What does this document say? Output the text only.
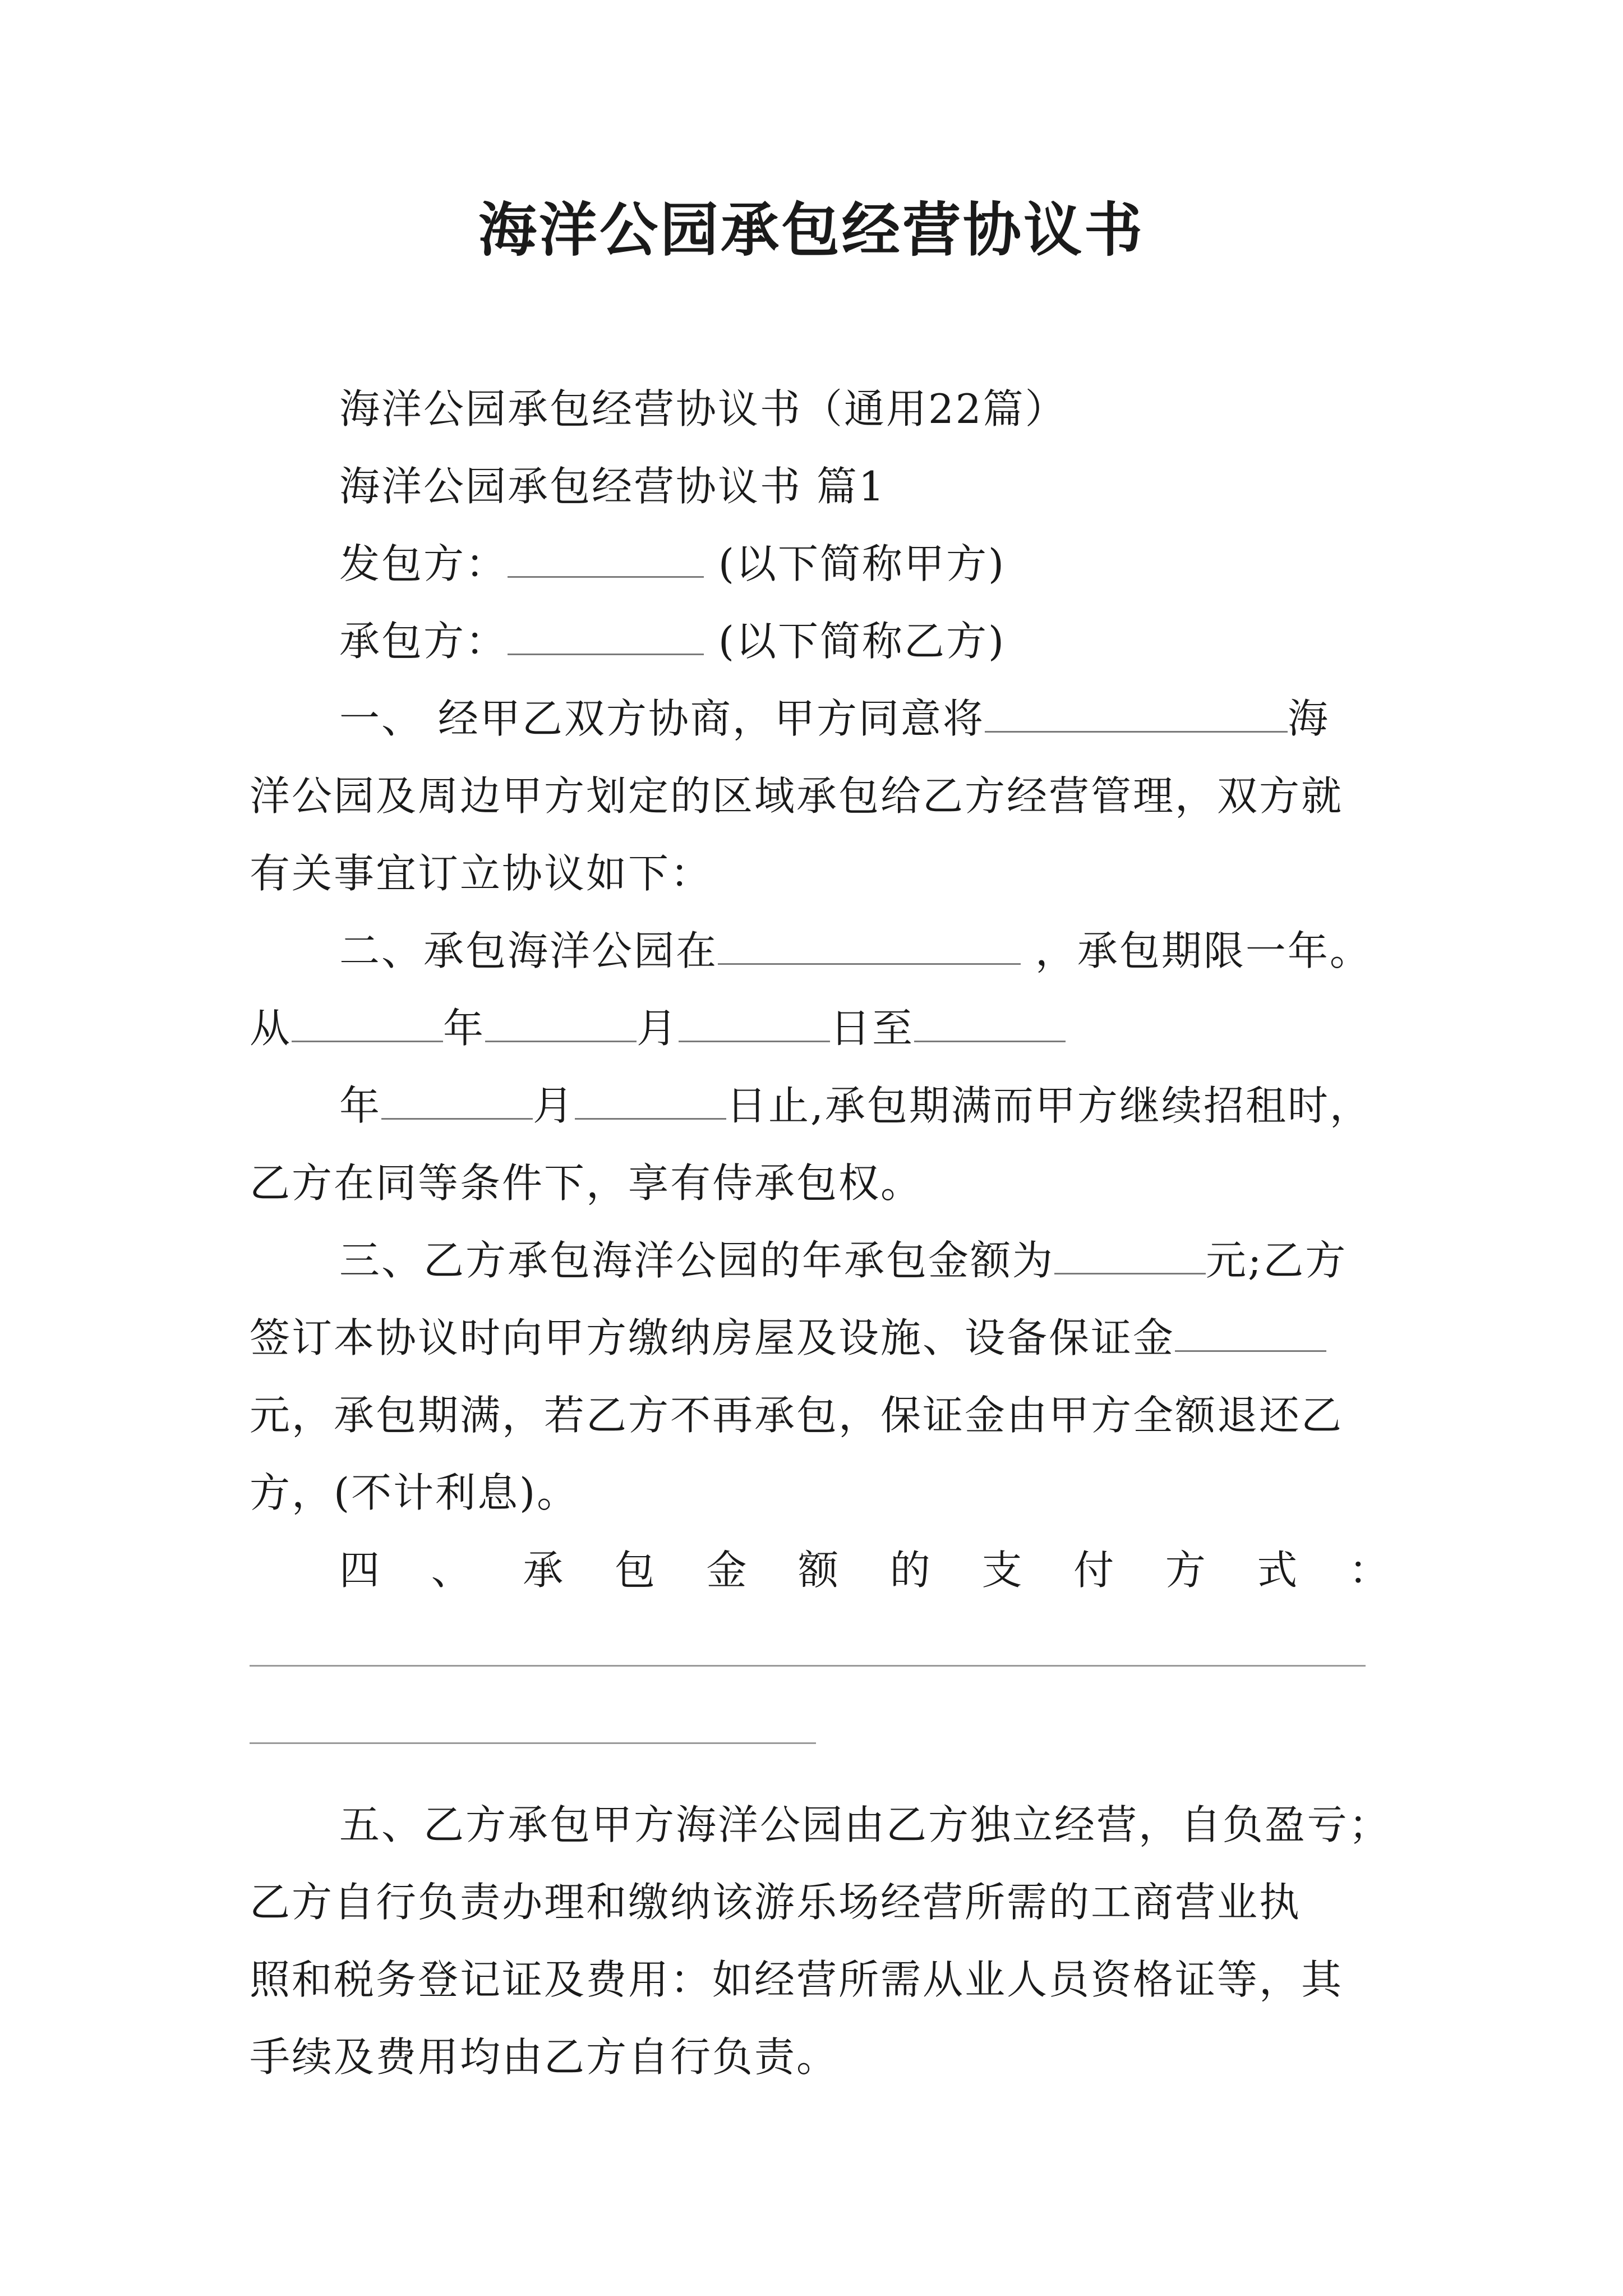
海洋公园承包经营协议书
海洋公园承包经营协议书（通用22篇）
海洋公园承包经营协议书 篇1
发包方：	(以下简称甲方)
承包方：	(以下简称乙方)
一、 经甲乙双方协商，甲方同意将	海
洋公园及周边甲方划定的区域承包给乙方经营管理，双方就
有关事宜订立协议如下：
二、承包海洋公园在	，承包期限一年。
从	年	月	日至
年	月	日止,承包期满而甲方继续招租时，
乙方在同等条件下，享有侍承包权。
三、乙方承包海洋公园的年承包金额为	元;乙方
签订本协议时向甲方缴纳房屋及设施、设备保证金
元，承包期满，若乙方不再承包，保证金由甲方全额退还乙
方，(不计利息)。
四 、 承 包 金 额 的 支 付 方 式 ：
五、乙方承包甲方海洋公园由乙方独立经营，自负盈亏；
乙方自行负责办理和缴纳该游乐场经营所需的工商营业执
照和税务登记证及费用：如经营所需从业人员资格证等，其
手续及费用均由乙方自行负责。
